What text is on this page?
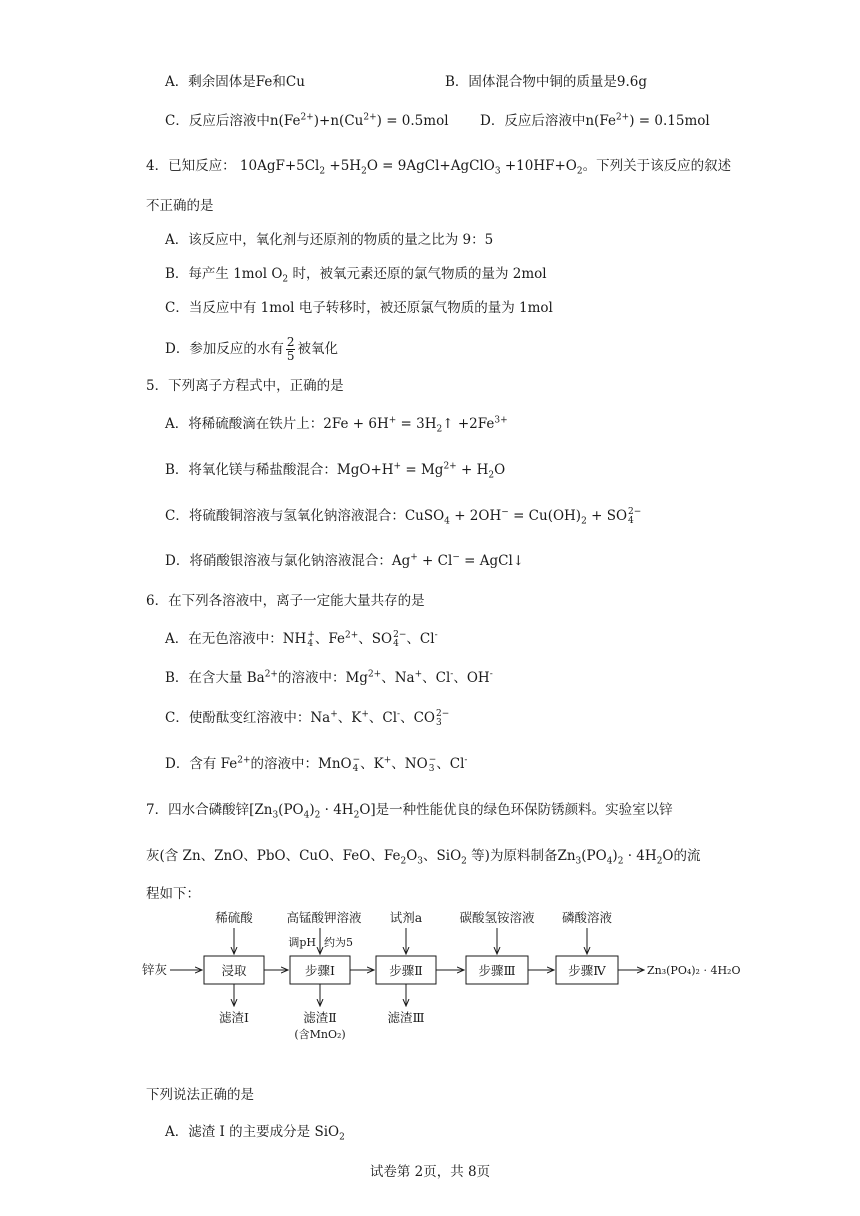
A．剩余固体是Fe和Cu	B．固体混合物中铜的质量是9.6g
C．反应后溶液中$n(Fe^{2+})+n(Cu^{2+}) = 0.5mol$ D．反应后溶液中$n(Fe^{2+}) = 0.15mol$
4．已知反应： $10AgF+5Cl_2 +5H_2O$ = 9AgCl+AgClO$_3$ $+10HF+O_2$。下列关于该反应的叙述
不正确的是
A．该反应中，氧化剂与还原剂的物质的量之比为 9：5
B．每产生 1mol $O_2$ 时，被氧元素还原的氯气物质的量为 2mol
C．当反应中有 1mol 电子转移时，被还原氯气物质的量为 1mol
D．参加反应的水有 $\frac{2}{5}$ 被氧化
5．下列离子方程式中，正确的是
A．将稀硫酸滴在铁片上：$2Fe + 6H^+ = 3H_2↑ +2Fe^{3+}$
B．将氧化镁与稀盐酸混合：$MgO+H^+ = Mg^{2+} + H_2O$
C．将硫酸铜溶液与氢氧化钠溶液混合：CuSO$_4$ + $2OH^- = Cu(OH)_2$ + SO 2−
4
D．将硝酸银溶液与氯化钠溶液混合：Ag+ + Cl− = AgCl↓
6．在下列各溶液中，离子一定能大量共存的是
A．在无色溶液中：NH +
4 、$Fe^{2+}$、SO 2−
4 、Cl-
B．在含大量 $Ba^{2+}$的溶液中：$Mg^{2+}$、Na+、Cl-、OH-
C．使酚酞变红溶液中：Na+、K+、Cl-、CO 2−
3
D．含有 $Fe^{2+}$的溶液中：MnO −
4 、K+、NO −
3 、Cl-
7．四水合磷酸锌$[Zn_3(PO_4)_2 \cdot 4H_2O]$是一种性能优良的绿色环保防锈颜料。实验室以锌
灰(含 Zn、ZnO、PbO、CuO、FeO、$Fe_2O_3$、SiO$_2$ 等)为原料制备$Zn_3(PO_4)_2 \cdot 4H_2O$的流
程如下：
锌灰	浸取	步骤Ⅰ	步骤Ⅱ	步骤Ⅲ	步骤Ⅳ	Zn₃(PO₄)₂ · 4H₂O
稀硫酸	高锰酸钾溶液
调pH 约为5
试剂a	碳酸氢铵溶液 磷酸溶液
滤渣Ⅰ	滤渣Ⅱ
(含MnO₂)
滤渣Ⅲ
下列说法正确的是
A．滤渣 I 的主要成分是 SiO$_2$
试卷第 2页，共 8页
